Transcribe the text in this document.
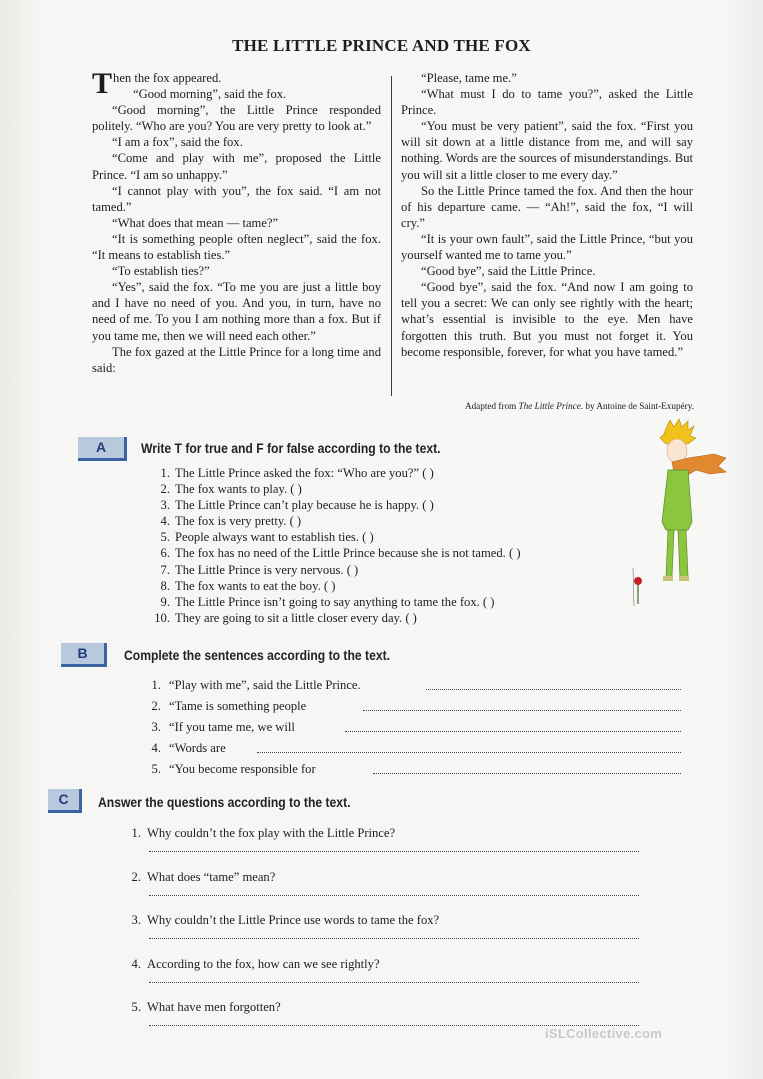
THE LITTLE PRINCE AND THE FOX

Then the fox appeared.

“Good morning”, said the fox.

“Good morning”, the Little Prince responded politely. “Who are you? You are very pretty to look at.”

“I am a fox”, said the fox.

“Come and play with me”, proposed the Little Prince. “I am so unhappy.”

“I cannot play with you”, the fox said. “I am not tamed.”

“What does that mean — tame?”

“It is something people often neglect”, said the fox. “It means to establish ties.”

“To establish ties?”

“Yes”, said the fox. “To me you are just a little boy and I have no need of you. And you, in turn, have no need of me. To you I am nothing more than a fox. But if you tame me, then we will need each other.”

The fox gazed at the Little Prince for a long time and said:

“Please, tame me.”

“What must I do to tame you?”, asked the Little Prince.

“You must be very patient”, said the fox. “First you will sit down at a little distance from me, and will say nothing. Words are the sources of misunderstandings. But you will sit a little closer to me every day.”

So the Little Prince tamed the fox. And then the hour of his departure came. — “Ah!”, said the fox, “I will cry.”

“It is your own fault”, said the Little Prince, “but you yourself wanted me to tame you.”

“Good bye”, said the Little Prince.

“Good bye”, said the fox. “And now I am going to tell you a secret: We can only see rightly with the heart; what’s essential is invisible to the eye. Men have forgotten this truth. But you must not forget it. You become responsible, forever, for what you have tamed.”

Adapted from The Little Prince. by Antoine de Saint-Exupéry.
A	Write T for true and F for false according to the text.
1. The Little Prince asked the fox: “Who are you?” ( )
2. The fox wants to play. ( )
3. The Little Prince can’t play because he is happy. ( )
4. The fox is very pretty. ( )
5. People always want to establish ties. ( )
6. The fox has no need of the Little Prince because she is not tamed. ( )
7. The Little Prince is very nervous. ( )
8. The fox wants to eat the boy. ( )
9. The Little Prince isn’t going to say anything to tame the fox. ( )
10. They are going to sit a little closer every day. ( )
B	Complete the sentences according to the text.
1. “Play with me”, said the Little Prince.
2. “Tame is something people
3. “If you tame me, we will
4. “Words are
5. “You become responsible for
C	Answer the questions according to the text.
1. Why couldn’t the fox play with the Little Prince?
2. What does “tame” mean?
3. Why couldn’t the Little Prince use words to tame the fox?
4. According to the fox, how can we see rightly?
5. What have men forgotten?
iSLCollective.com
